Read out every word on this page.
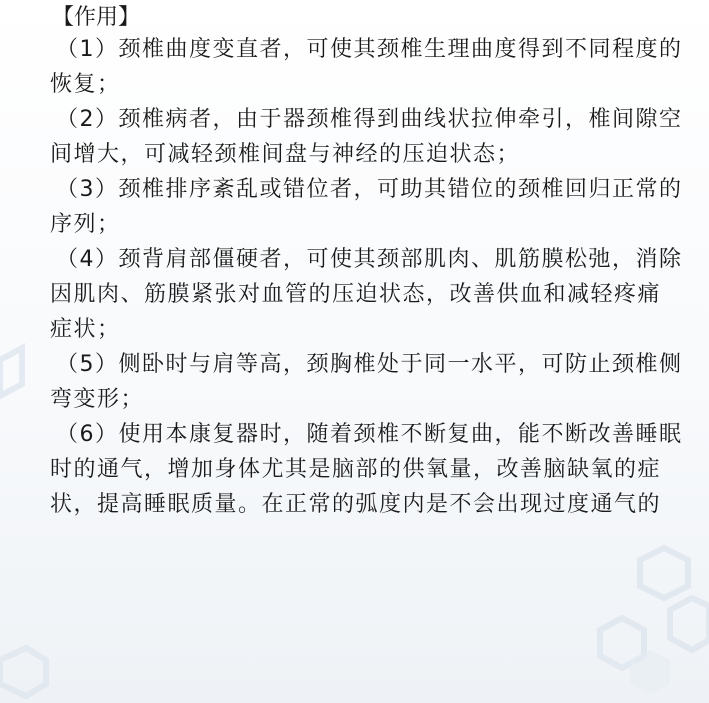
【作用】
（1）颈椎曲度变直者，可使其颈椎生理曲度得到不同程度的
恢复；
（2）颈椎病者，由于器颈椎得到曲线状拉伸牵引，椎间隙空
间增大，可减轻颈椎间盘与神经的压迫状态；
（3）颈椎排序紊乱或错位者，可助其错位的颈椎回归正常的
序列；
（4）颈背肩部僵硬者，可使其颈部肌肉、肌筋膜松弛，消除
因肌肉、筋膜紧张对血管的压迫状态，改善供血和减轻疼痛
症状；
（5）侧卧时与肩等高，颈胸椎处于同一水平，可防止颈椎侧
弯变形；
（6）使用本康复器时，随着颈椎不断复曲，能不断改善睡眠
时的通气，增加身体尤其是脑部的供氧量，改善脑缺氧的症
状，提高睡眠质量。在正常的弧度内是不会出现过度通气的
